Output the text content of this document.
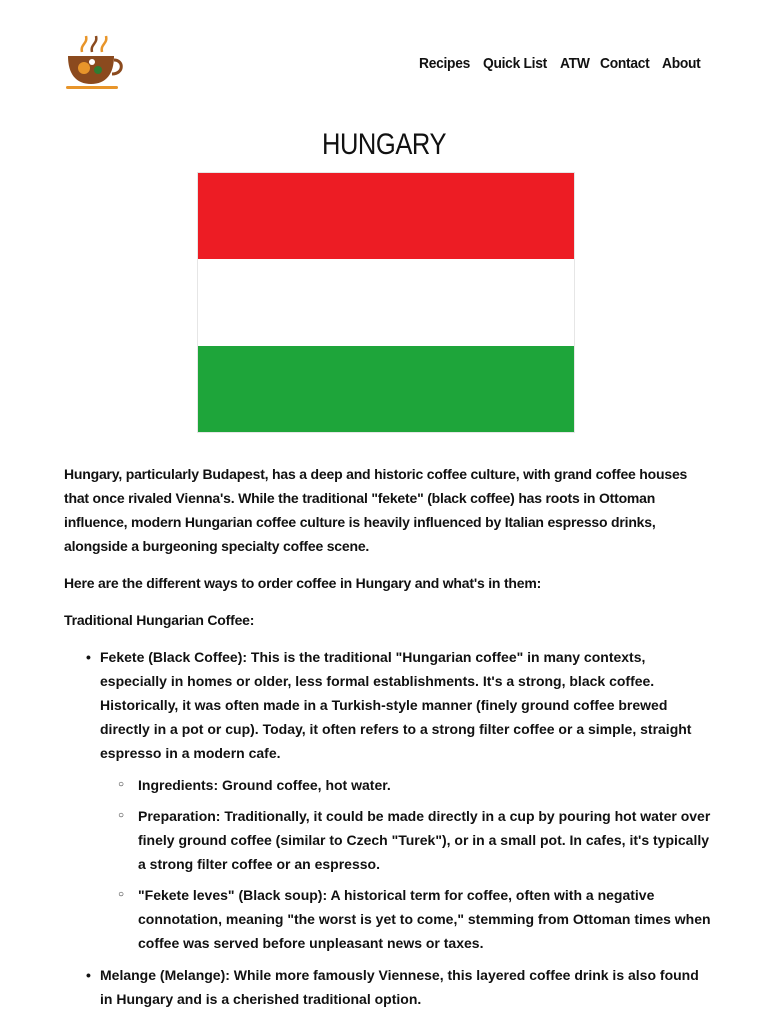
Recipes Quick List ATW Contact About
HUNGARY

Hungary, particularly Budapest, has a deep and historic coffee culture, with grand coffee houses that once rivaled Vienna's. While the traditional "fekete" (black coffee) has roots in Ottoman influence, modern Hungarian coffee culture is heavily influenced by Italian espresso drinks, alongside a burgeoning specialty coffee scene.

Here are the different ways to order coffee in Hungary and what's in them:

Traditional Hungarian Coffee:

• Fekete (Black Coffee): This is the traditional "Hungarian coffee" in many contexts, especially in homes or older, less formal establishments. It's a strong, black coffee. Historically, it was often made in a Turkish-style manner (finely ground coffee brewed directly in a pot or cup). Today, it often refers to a strong filter coffee or a simple, straight espresso in a modern cafe.
○ Ingredients: Ground coffee, hot water.
○ Preparation: Traditionally, it could be made directly in a cup by pouring hot water over finely ground coffee (similar to Czech "Turek"), or in a small pot. In cafes, it's typically a strong filter coffee or an espresso.
○ "Fekete leves" (Black soup): A historical term for coffee, often with a negative connotation, meaning "the worst is yet to come," stemming from Ottoman times when coffee was served before unpleasant news or taxes.
• Melange (Melange): While more famously Viennese, this layered coffee drink is also found in Hungary and is a cherished traditional option.
